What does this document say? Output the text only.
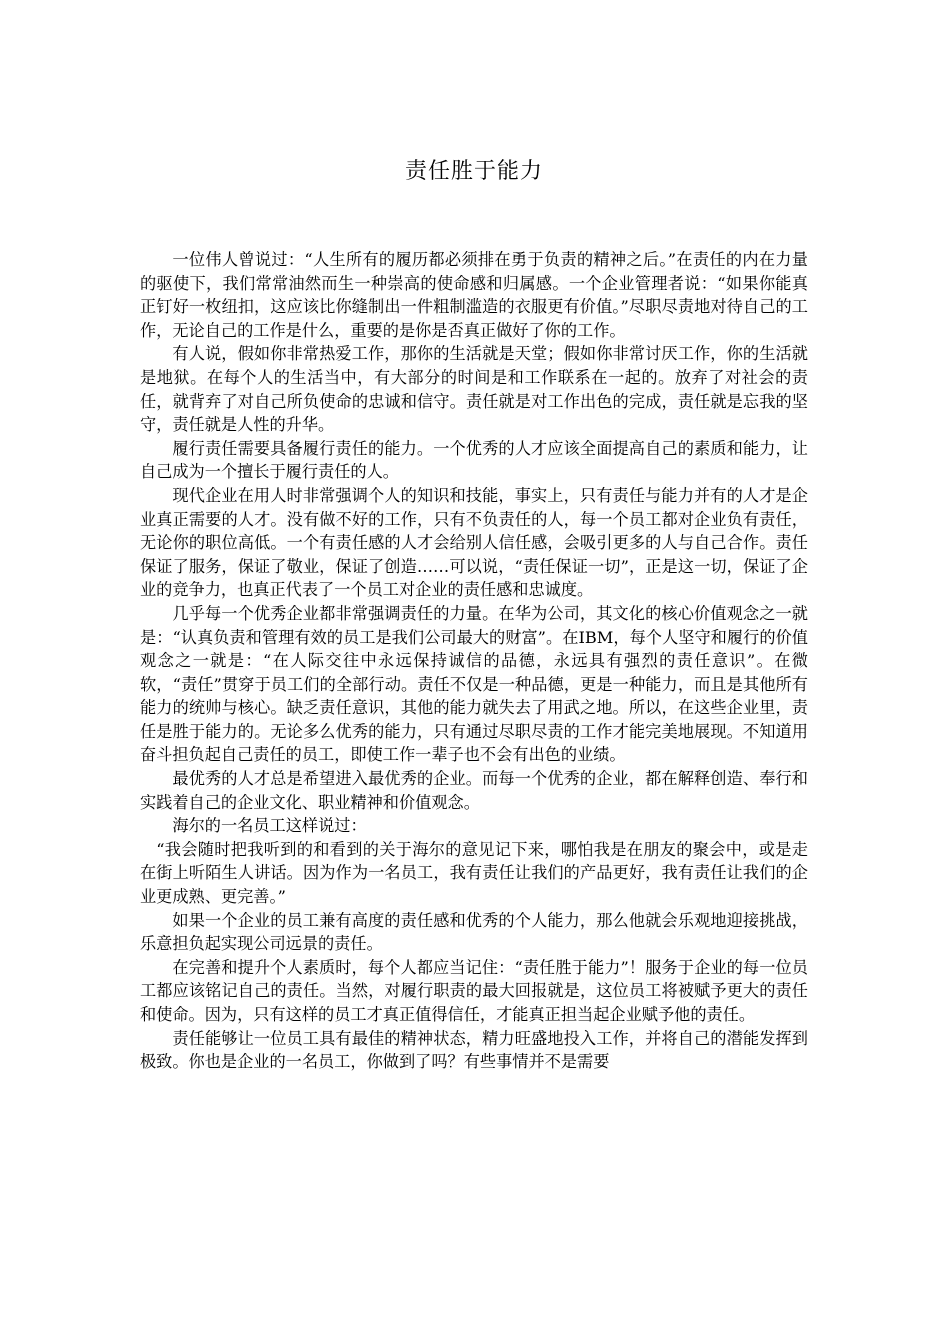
责任胜于能力

一位伟人曾说过：“人生所有的履历都必须排在勇于负责的精神之后。”在责任的内在力量的驱使下，我们常常油然而生一种崇高的使命感和归属感。一个企业管理者说：“如果你能真正钉好一枚纽扣，这应该比你缝制出一件粗制滥造的衣服更有价值。”尽职尽责地对待自己的工作，无论自己的工作是什么，重要的是你是否真正做好了你的工作。

有人说，假如你非常热爱工作，那你的生活就是天堂；假如你非常讨厌工作，你的生活就是地狱。在每个人的生活当中，有大部分的时间是和工作联系在一起的。放弃了对社会的责任，就背弃了对自己所负使命的忠诚和信守。责任就是对工作出色的完成，责任就是忘我的坚守，责任就是人性的升华。

履行责任需要具备履行责任的能力。一个优秀的人才应该全面提高自己的素质和能力，让自己成为一个擅长于履行责任的人。

现代企业在用人时非常强调个人的知识和技能，事实上，只有责任与能力并有的人才是企业真正需要的人才。没有做不好的工作，只有不负责任的人，每一个员工都对企业负有责任，无论你的职位高低。一个有责任感的人才会给别人信任感，会吸引更多的人与自己合作。责任保证了服务，保证了敬业，保证了创造……可以说，“责任保证一切”，正是这一切，保证了企业的竞争力，也真正代表了一个员工对企业的责任感和忠诚度。

几乎每一个优秀企业都非常强调责任的力量。在华为公司，其文化的核心价值观念之一就是：“认真负责和管理有效的员工是我们公司最大的财富”。在IBM，每个人坚守和履行的价值观念之一就是：“在人际交往中永远保持诚信的品德，永远具有强烈的责任意识”。在微软，“责任”贯穿于员工们的全部行动。责任不仅是一种品德，更是一种能力，而且是其他所有能力的统帅与核心。缺乏责任意识，其他的能力就失去了用武之地。所以，在这些企业里，责任是胜于能力的。无论多么优秀的能力，只有通过尽职尽责的工作才能完美地展现。不知道用奋斗担负起自己责任的员工，即使工作一辈子也不会有出色的业绩。

最优秀的人才总是希望进入最优秀的企业。而每一个优秀的企业，都在解释创造、奉行和实践着自己的企业文化、职业精神和价值观念。

海尔的一名员工这样说过：

“我会随时把我听到的和看到的关于海尔的意见记下来，哪怕我是在朋友的聚会中，或是走在街上听陌生人讲话。因为作为一名员工，我有责任让我们的产品更好，我有责任让我们的企业更成熟、更完善。”

如果一个企业的员工兼有高度的责任感和优秀的个人能力，那么他就会乐观地迎接挑战，乐意担负起实现公司远景的责任。

在完善和提升个人素质时，每个人都应当记住：“责任胜于能力”！服务于企业的每一位员工都应该铭记自己的责任。当然，对履行职责的最大回报就是，这位员工将被赋予更大的责任和使命。因为，只有这样的员工才真正值得信任，才能真正担当起企业赋予他的责任。

责任能够让一位员工具有最佳的精神状态，精力旺盛地投入工作，并将自己的潜能发挥到极致。你也是企业的一名员工，你做到了吗？有些事情并不是需要
